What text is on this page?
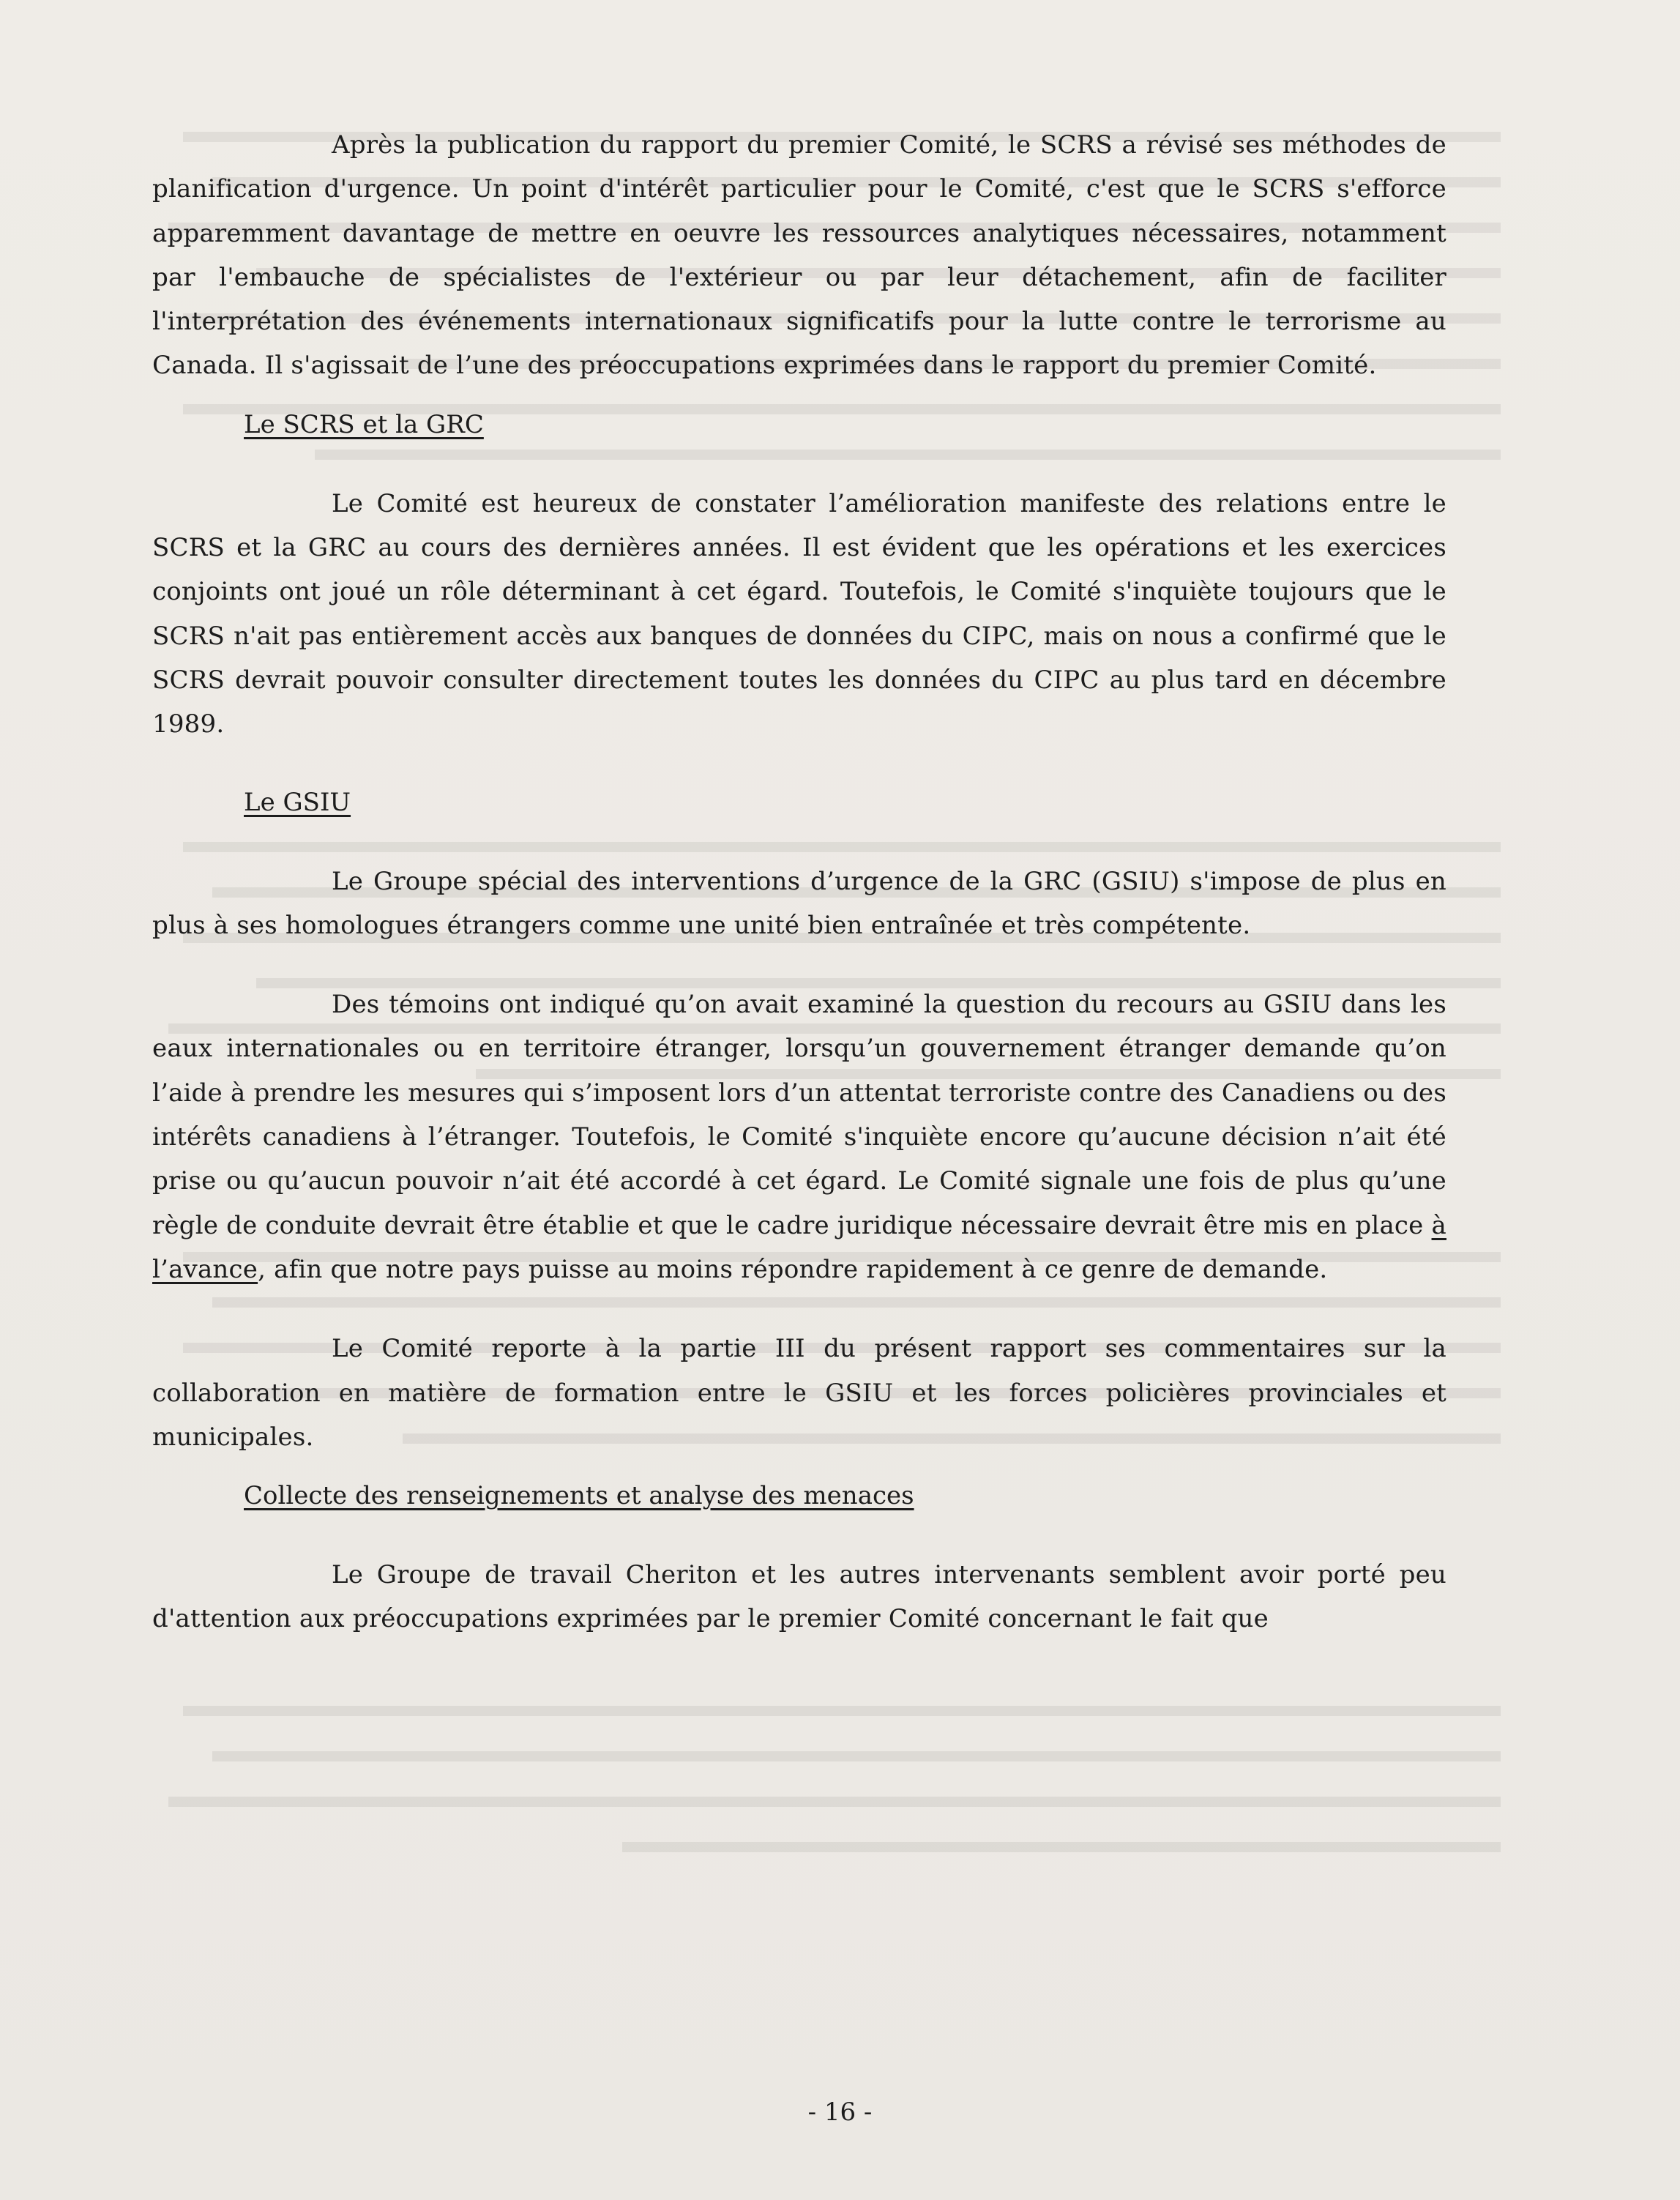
Après la publication du rapport du premier Comité, le SCRS a révisé ses méthodes de planification d'urgence. Un point d'intérêt particulier pour le Comité, c'est que le SCRS s'efforce apparemment davantage de mettre en oeuvre les ressources analytiques nécessaires, notamment par l'embauche de spécialistes de l'extérieur ou par leur détachement, afin de faciliter l'interprétation des événements internationaux significatifs pour la lutte contre le terrorisme au Canada. Il s'agissait de l’une des préoccupations exprimées dans le rapport du premier Comité.

Le SCRS et la GRC

Le Comité est heureux de constater l’amélioration manifeste des relations entre le SCRS et la GRC au cours des dernières années. Il est évident que les opérations et les exercices conjoints ont joué un rôle déterminant à cet égard. Toutefois, le Comité s'inquiète toujours que le SCRS n'ait pas entièrement accès aux banques de données du CIPC, mais on nous a confirmé que le SCRS devrait pouvoir consulter directement toutes les données du CIPC au plus tard en décembre 1989.

Le GSIU

Le Groupe spécial des interventions d’urgence de la GRC (GSIU) s'impose de plus en plus à ses homologues étrangers comme une unité bien entraînée et très compétente.

Des témoins ont indiqué qu’on avait examiné la question du recours au GSIU dans les eaux internationales ou en territoire étranger, lorsqu’un gouvernement étranger demande qu’on l’aide à prendre les mesures qui s’imposent lors d’un attentat terroriste contre des Canadiens ou des intérêts canadiens à l’étranger. Toutefois, le Comité s'inquiète encore qu’aucune décision n’ait été prise ou qu’aucun pouvoir n’ait été accordé à cet égard. Le Comité signale une fois de plus qu’une règle de conduite devrait être établie et que le cadre juridique nécessaire devrait être mis en place à l’avance, afin que notre pays puisse au moins répondre rapidement à ce genre de demande.

Le Comité reporte à la partie III du présent rapport ses commentaires sur la collaboration en matière de formation entre le GSIU et les forces policières provinciales et municipales.

Collecte des renseignements et analyse des menaces

Le Groupe de travail Cheriton et les autres intervenants semblent avoir porté peu d'attention aux préoccupations exprimées par le premier Comité concernant le fait que

- 16 -
